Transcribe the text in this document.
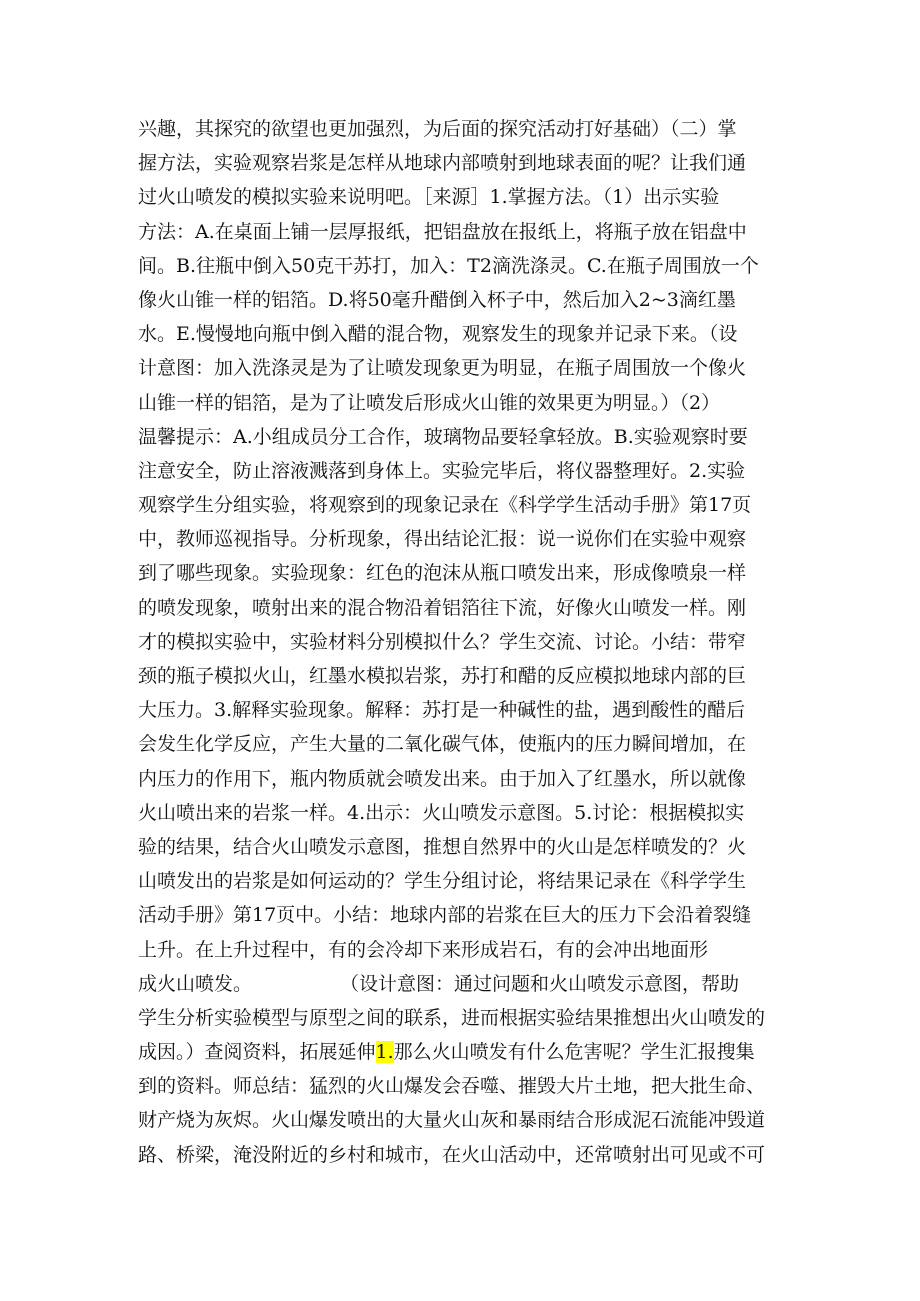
兴趣，其探究的欲望也更加强烈，为后面的探究活动打好基础）（二）掌
握方法，实验观察岩浆是怎样从地球内部喷射到地球表面的呢？让我们通
过火山喷发的模拟实验来说明吧。［来源］1.掌握方法。（1）出示实验
方法：A.在桌面上铺一层厚报纸，把铝盘放在报纸上，将瓶子放在铝盘中
间。B.往瓶中倒入50克干苏打，加入：T2滴洗涤灵。C.在瓶子周围放一个
像火山锥一样的铝箔。D.将50毫升醋倒入杯子中，然后加入2~3滴红墨
水。E.慢慢地向瓶中倒入醋的混合物，观察发生的现象并记录下来。（设
计意图：加入洗涤灵是为了让喷发现象更为明显，在瓶子周围放一个像火
山锥一样的铝箔，是为了让喷发后形成火山锥的效果更为明显。）（2）
温馨提示：A.小组成员分工合作，玻璃物品要轻拿轻放。B.实验观察时要
注意安全，防止溶液溅落到身体上。实验完毕后，将仪器整理好。2.实验
观察学生分组实验，将观察到的现象记录在《科学学生活动手册》第17页
中，教师巡视指导。分析现象，得出结论汇报：说一说你们在实验中观察
到了哪些现象。实验现象：红色的泡沫从瓶口喷发出来，形成像喷泉一样
的喷发现象，喷射出来的混合物沿着铝箔往下流，好像火山喷发一样。刚
才的模拟实验中，实验材料分别模拟什么？学生交流、讨论。小结：带窄
颈的瓶子模拟火山，红墨水模拟岩浆，苏打和醋的反应模拟地球内部的巨
大压力。3.解释实验现象。解释：苏打是一种碱性的盐，遇到酸性的醋后
会发生化学反应，产生大量的二氧化碳气体，使瓶内的压力瞬间增加，在
内压力的作用下，瓶内物质就会喷发出来。由于加入了红墨水，所以就像
火山喷出来的岩浆一样。4.出示：火山喷发示意图。5.讨论：根据模拟实
验的结果，结合火山喷发示意图，推想自然界中的火山是怎样喷发的？火
山喷发出的岩浆是如何运动的？学生分组讨论，将结果记录在《科学学生
活动手册》第17页中。小结：地球内部的岩浆在巨大的压力下会沿着裂缝
上升。在上升过程中，有的会冷却下来形成岩石，有的会冲出地面形
成火山喷发。	（设计意图：通过问题和火山喷发示意图，帮助
学生分析实验模型与原型之间的联系，进而根据实验结果推想出火山喷发的
成因。）查阅资料，拓展延伸1.那么火山喷发有什么危害呢？学生汇报搜集
到的资料。师总结：猛烈的火山爆发会吞噬、摧毁大片土地，把大批生命、
财产烧为灰烬。火山爆发喷出的大量火山灰和暴雨结合形成泥石流能冲毁道
路、桥梁，淹没附近的乡村和城市，在火山活动中，还常喷射出可见或不可
